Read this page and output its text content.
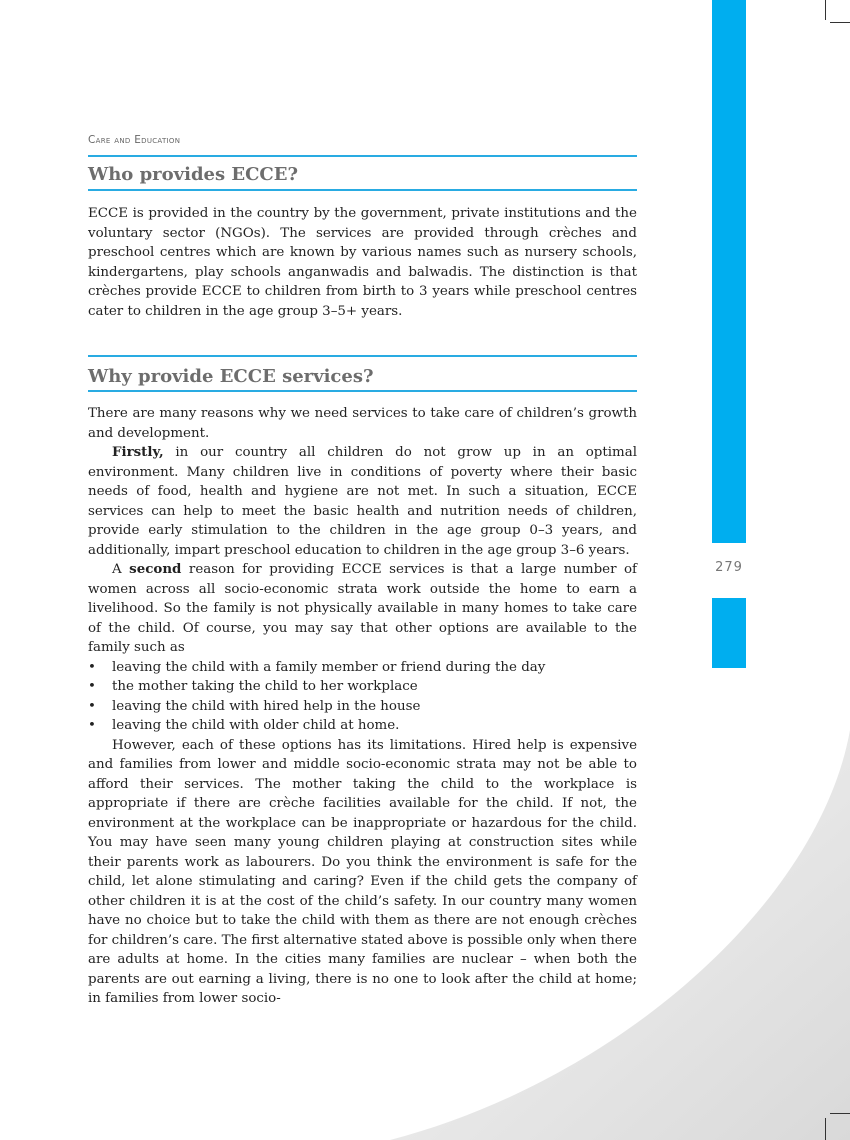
279
Care and Education
Who provides ECCE?
ECCE is provided in the country by the government, private institutions and the voluntary sector (NGOs). The services are provided through crèches and preschool centres which are known by various names such as nursery schools, kindergartens, play schools anganwadis and balwadis. The distinction is that crèches provide ECCE to children from birth to 3 years while preschool centres cater to children in the age group 3–5+ years.
Why provide ECCE services?

There are many reasons why we need services to take care of children’s growth and development.

Firstly, in our country all children do not grow up in an optimal environment. Many children live in conditions of poverty where their basic needs of food, health and hygiene are not met. In such a situation, ECCE services can help to meet the basic health and nutrition needs of children, provide early stimulation to the children in the age group 0–3 years, and additionally, impart preschool education to children in the age group 3–6 years.

A second reason for providing ECCE services is that a large number of women across all socio-economic strata work outside the home to earn a livelihood. So the family is not physically available in many homes to take care of the child. Of course, you may say that other options are available to the family such as

• leaving the child with a family member or friend during the day
• the mother taking the child to her workplace
• leaving the child with hired help in the house
• leaving the child with older child at home.

However, each of these options has its limitations. Hired help is expensive and families from lower and middle socio-economic strata may not be able to afford their services. The mother taking the child to the workplace is appropriate if there are crèche facilities available for the child. If not, the environment at the workplace can be inappropriate or hazardous for the child. You may have seen many young children playing at construction sites while their parents work as labourers. Do you think the environment is safe for the child, let alone stimulating and caring? Even if the child gets the company of other children it is at the cost of the child’s safety. In our country many women have no choice but to take the child with them as there are not enough crèches for children’s care. The first alternative stated above is possible only when there are adults at home. In the cities many families are nuclear – when both the parents are out earning a living, there is no one to look after the child at home; in families from lower socio-
